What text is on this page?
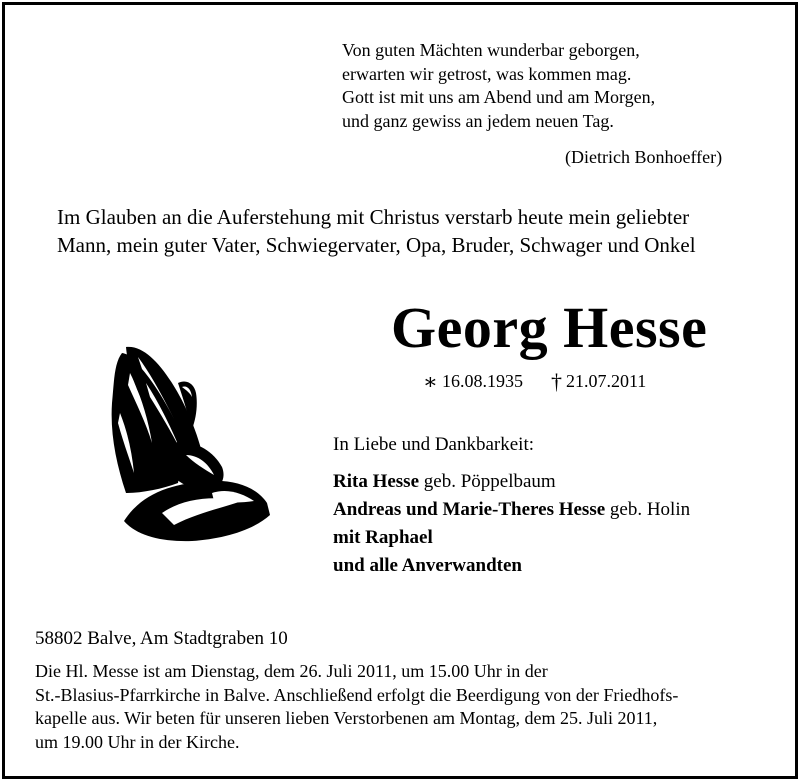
Von guten Mächten wunderbar geborgen,
erwarten wir getrost, was kommen mag.
Gott ist mit uns am Abend und am Morgen,
und ganz gewiss an jedem neuen Tag.
(Dietrich Bonhoeffer)
Im Glauben an die Auferstehung mit Christus verstarb heute mein geliebter
Mann, mein guter Vater, Schwiegervater, Opa, Bruder, Schwager und Onkel
Georg Hesse
∗ 16.08.1935 † 21.07.2011
In Liebe und Dankbarkeit:
Rita Hesse geb. Pöppelbaum
Andreas und Marie-Theres Hesse geb. Holin
mit Raphael
und alle Anverwandten
58802 Balve, Am Stadtgraben 10
Die Hl. Messe ist am Dienstag, dem 26. Juli 2011, um 15.00 Uhr in der
St.-Blasius-Pfarrkirche in Balve. Anschließend erfolgt die Beerdigung von der Friedhofs-
kapelle aus. Wir beten für unseren lieben Verstorbenen am Montag, dem 25. Juli 2011,
um 19.00 Uhr in der Kirche.
